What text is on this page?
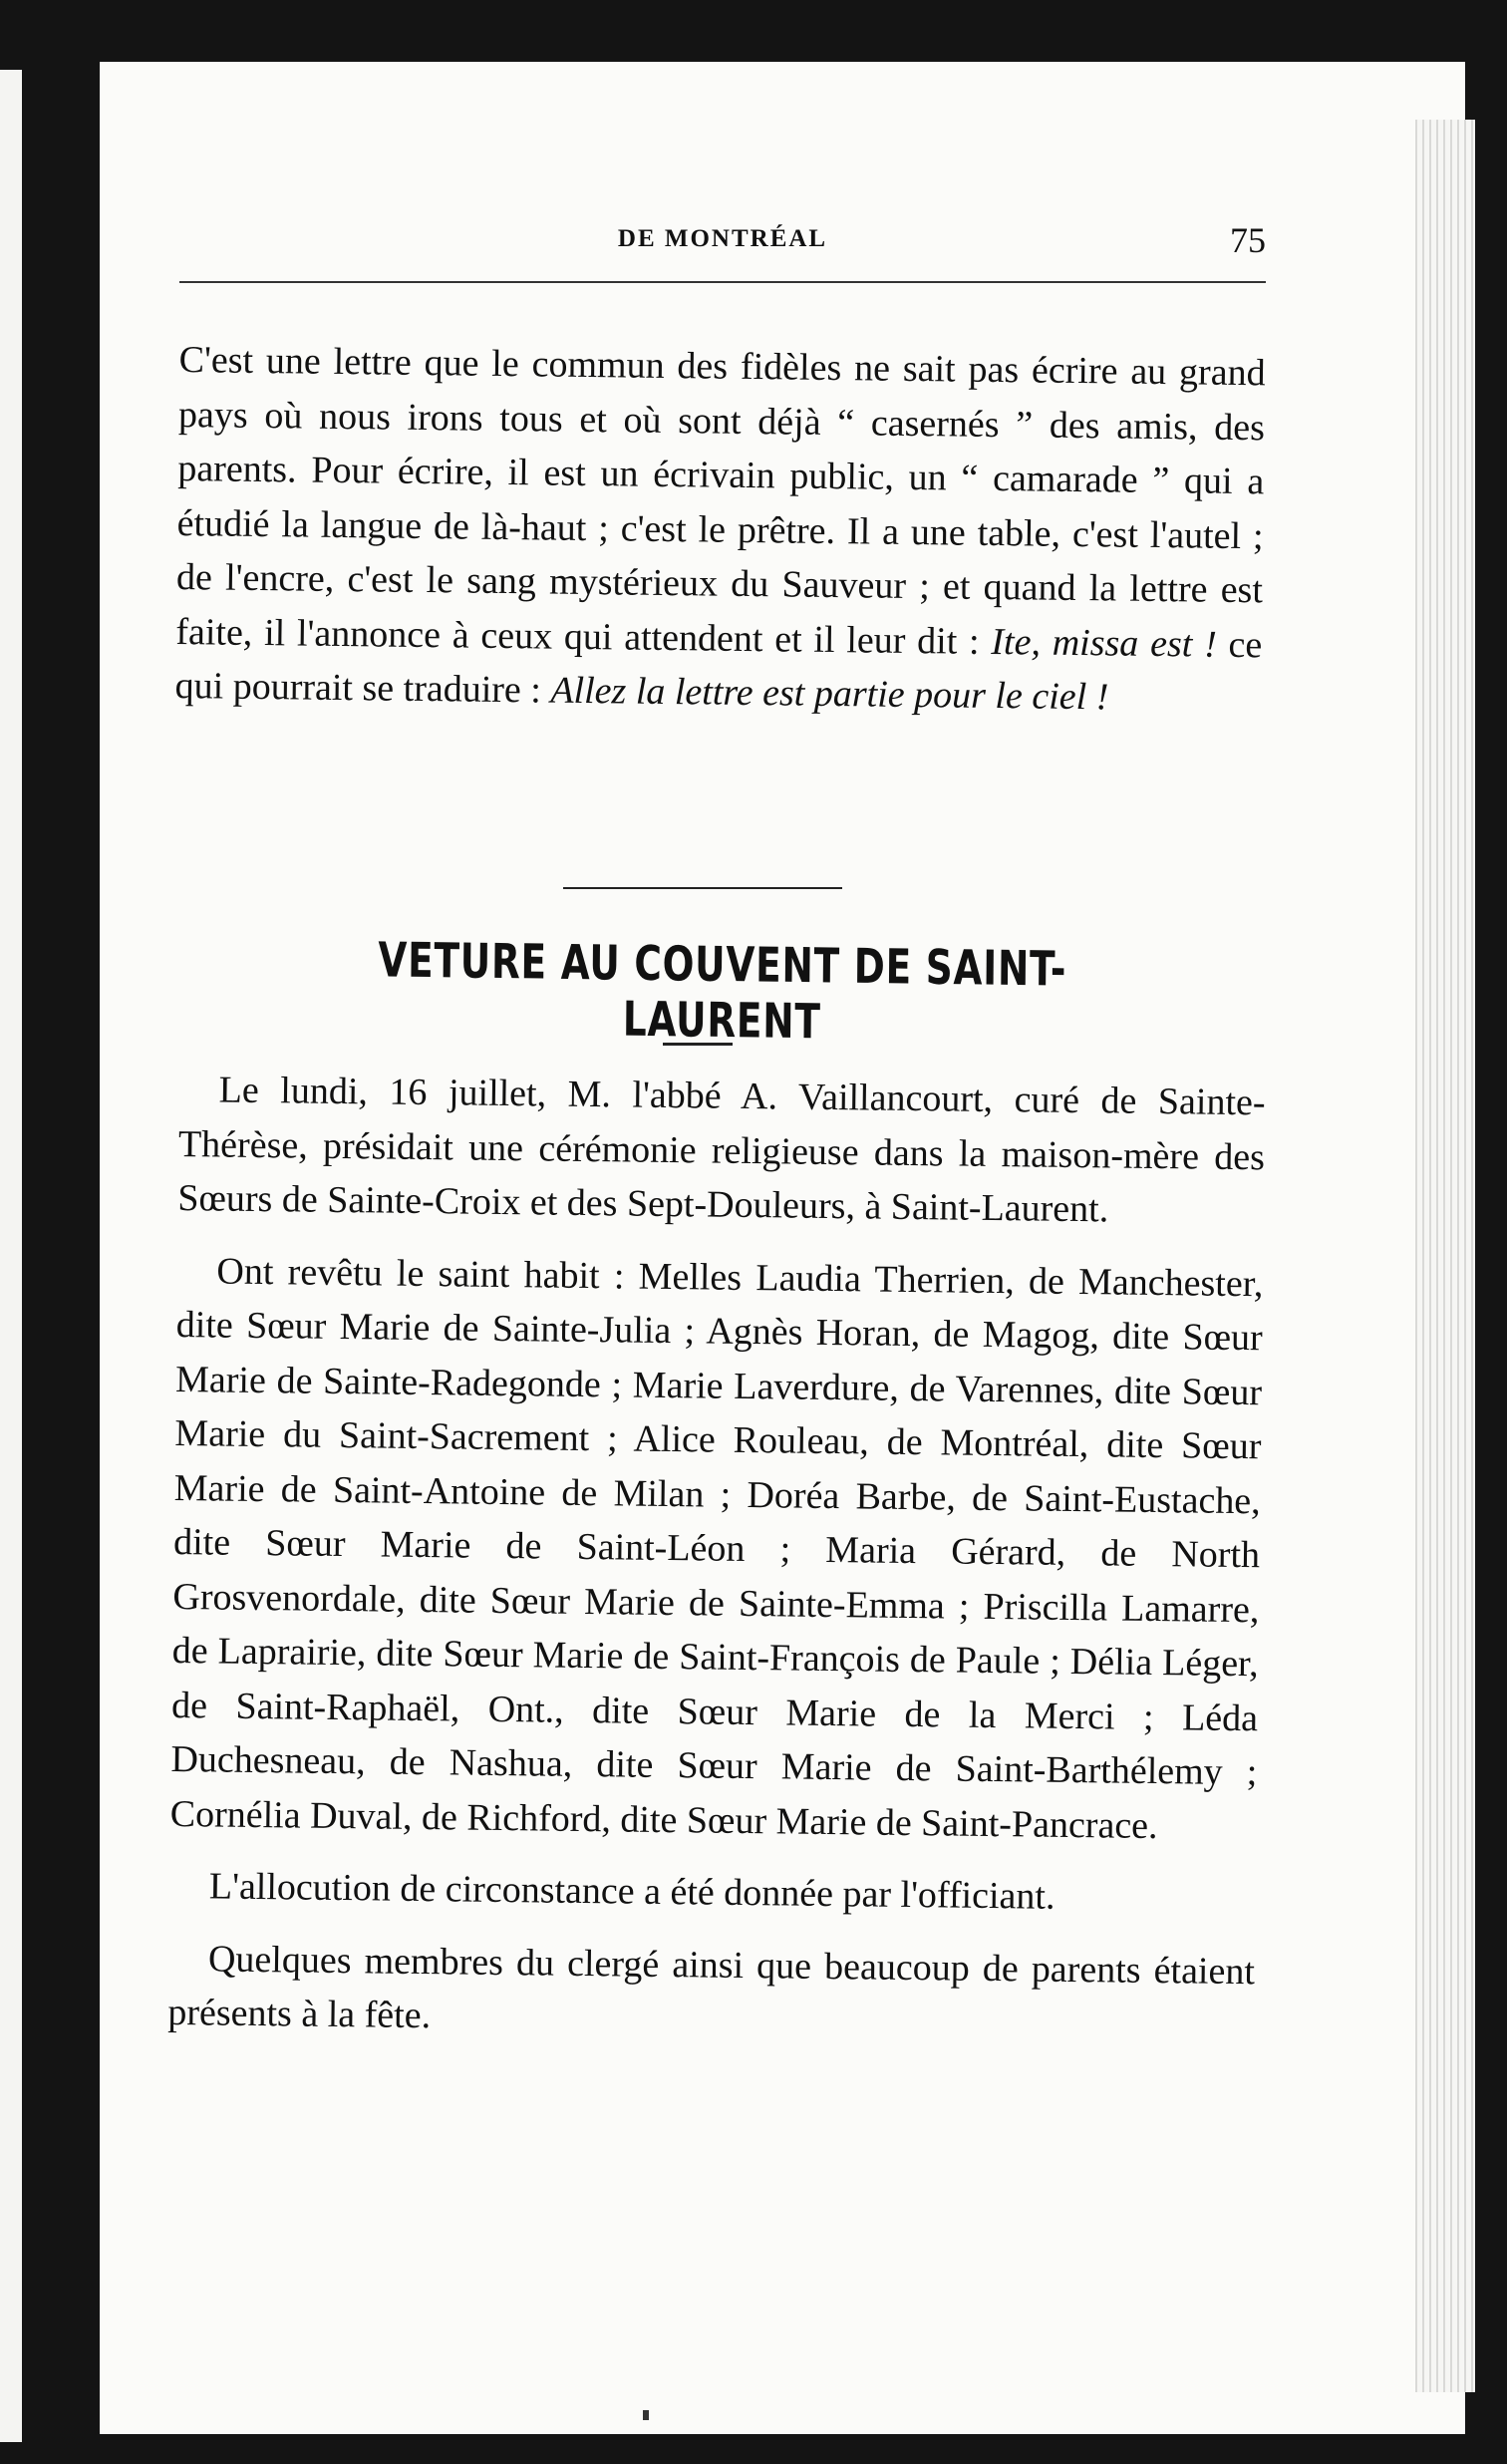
DE MONTRÉAL	75

C'est une lettre que le commun des fidèles ne sait pas écrire au grand pays où nous irons tous et où sont déjà “ casernés ” des amis, des parents. Pour écrire, il est un écrivain public, un “ camarade ” qui a étudié la langue de là-haut ; c'est le prêtre. Il a une table, c'est l'autel ; de l'encre, c'est le sang mystérieux du Sauveur ; et quand la lettre est faite, il l'annonce à ceux qui attendent et il leur dit : Ite, missa est ! ce qui pourrait se traduire : Allez la lettre est partie pour le ciel !

VETURE AU COUVENT DE SAINT-LAURENT

Le lundi, 16 juillet, M. l'abbé A. Vaillancourt, curé de Sainte-Thérèse, présidait une cérémonie religieuse dans la maison-mère des Sœurs de Sainte-Croix et des Sept-Douleurs, à Saint-Laurent.

Ont revêtu le saint habit : Melles Laudia Therrien, de Manchester, dite Sœur Marie de Sainte-Julia ; Agnès Horan, de Magog, dite Sœur Marie de Sainte-Radegonde ; Marie Laverdure, de Varennes, dite Sœur Marie du Saint-Sacrement ; Alice Rouleau, de Montréal, dite Sœur Marie de Saint-Antoine de Milan ; Doréa Barbe, de Saint-Eustache, dite Sœur Marie de Saint-Léon ; Maria Gérard, de North Grosvenordale, dite Sœur Marie de Sainte-Emma ; Priscilla Lamarre, de Laprairie, dite Sœur Marie de Saint-François de Paule ; Délia Léger, de Saint-Raphaël, Ont., dite Sœur Marie de la Merci ; Léda Duchesneau, de Nashua, dite Sœur Marie de Saint-Barthélemy ; Cornélia Duval, de Richford, dite Sœur Marie de Saint-Pancrace.

L'allocution de circonstance a été donnée par l'officiant.

Quelques membres du clergé ainsi que beaucoup de parents étaient présents à la fête.
